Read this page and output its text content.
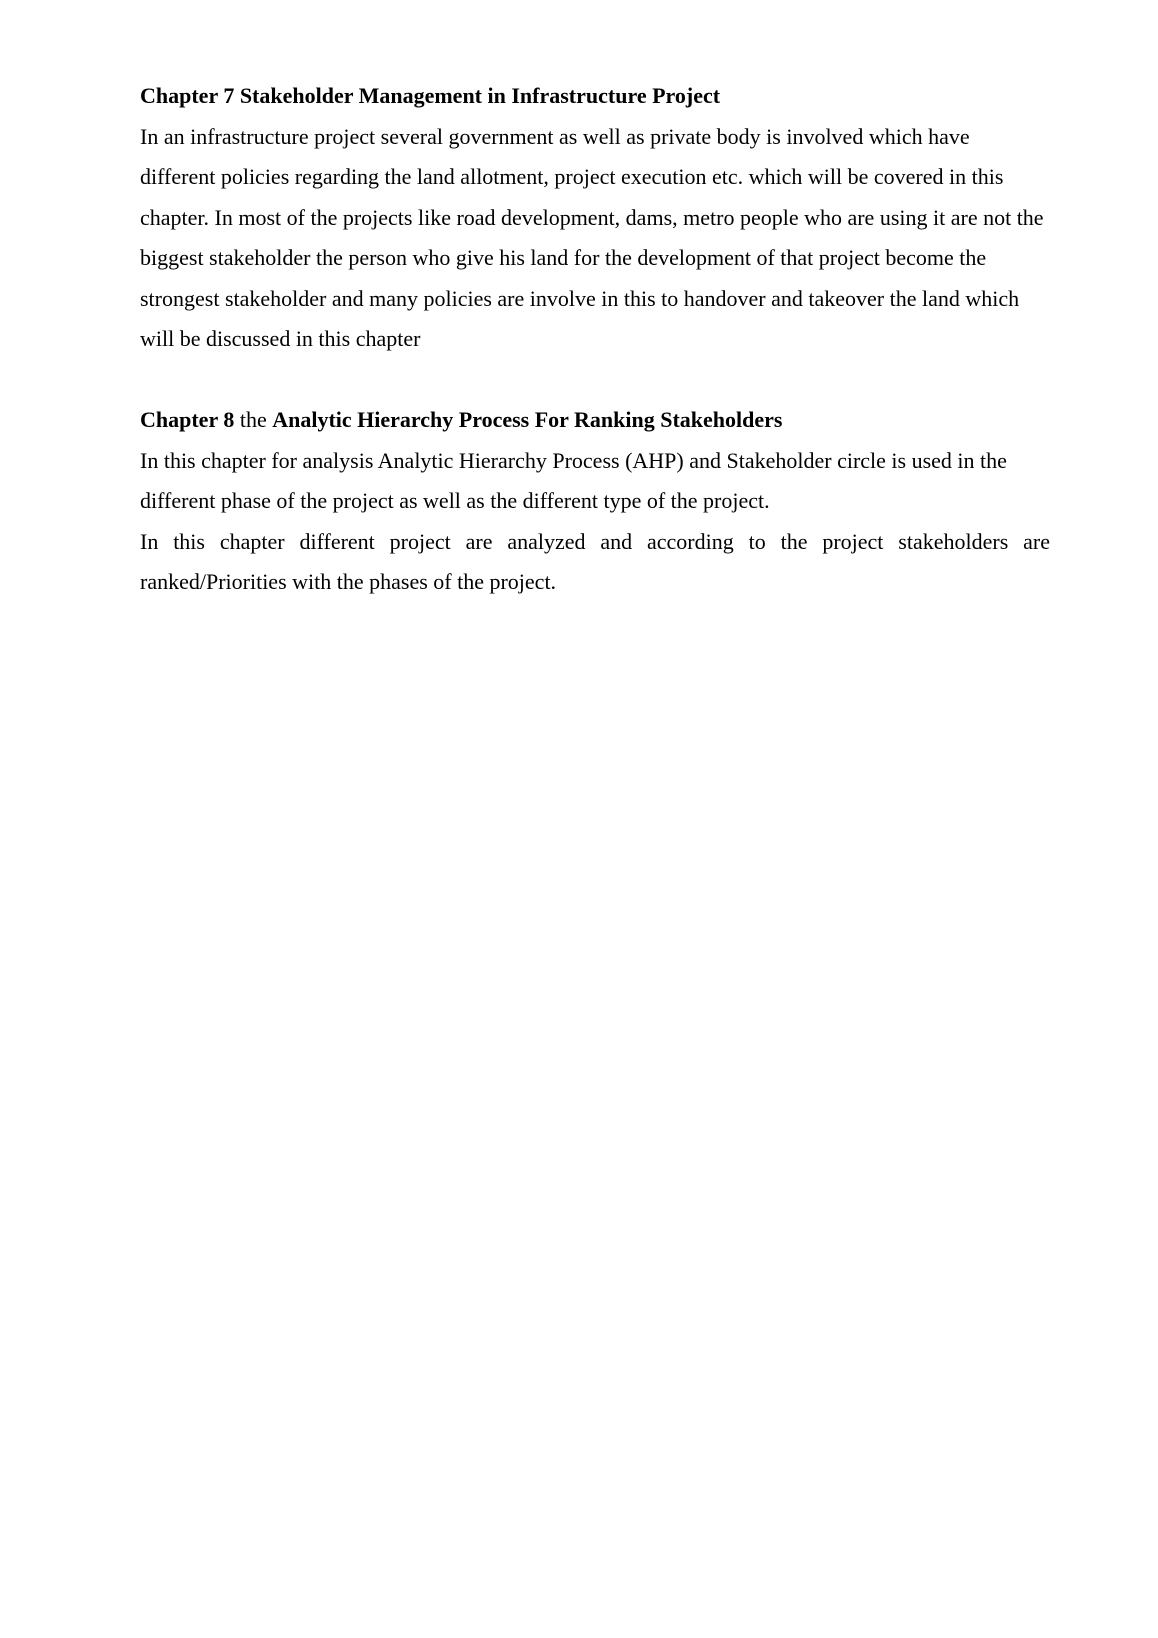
Chapter 7 Stakeholder Management in Infrastructure Project

In an infrastructure project several government as well as private body is involved which have different policies regarding the land allotment, project execution etc. which will be covered in this chapter. In most of the projects like road development, dams, metro people who are using it are not the biggest stakeholder the person who give his land for the development of that project become the strongest stakeholder and many policies are involve in this to handover and takeover the land which will be discussed in this chapter

Chapter 8 the Analytic Hierarchy Process For Ranking Stakeholders

In this chapter for analysis Analytic Hierarchy Process (AHP) and Stakeholder circle is used in the different phase of the project as well as the different type of the project.

In this chapter different project are analyzed and according to the project stakeholders are ranked/Priorities with the phases of the project.
